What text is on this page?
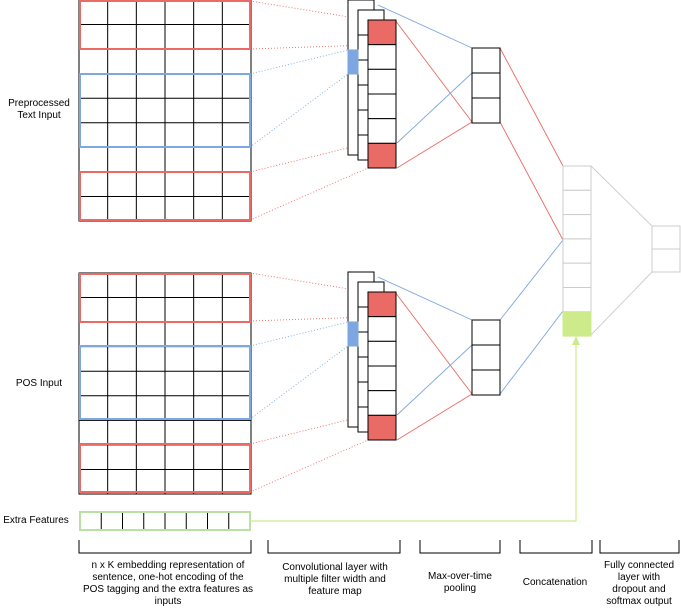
Preprocessed Text Input
POS Input
Extra Features
n x K embedding representation of sentence, one-hot encoding of the POS tagging and the extra features as inputs
Convolutional layer with multiple filter width and feature map
Max-over-time pooling
Concatenation
Fully connected layer with dropout and softmax output
